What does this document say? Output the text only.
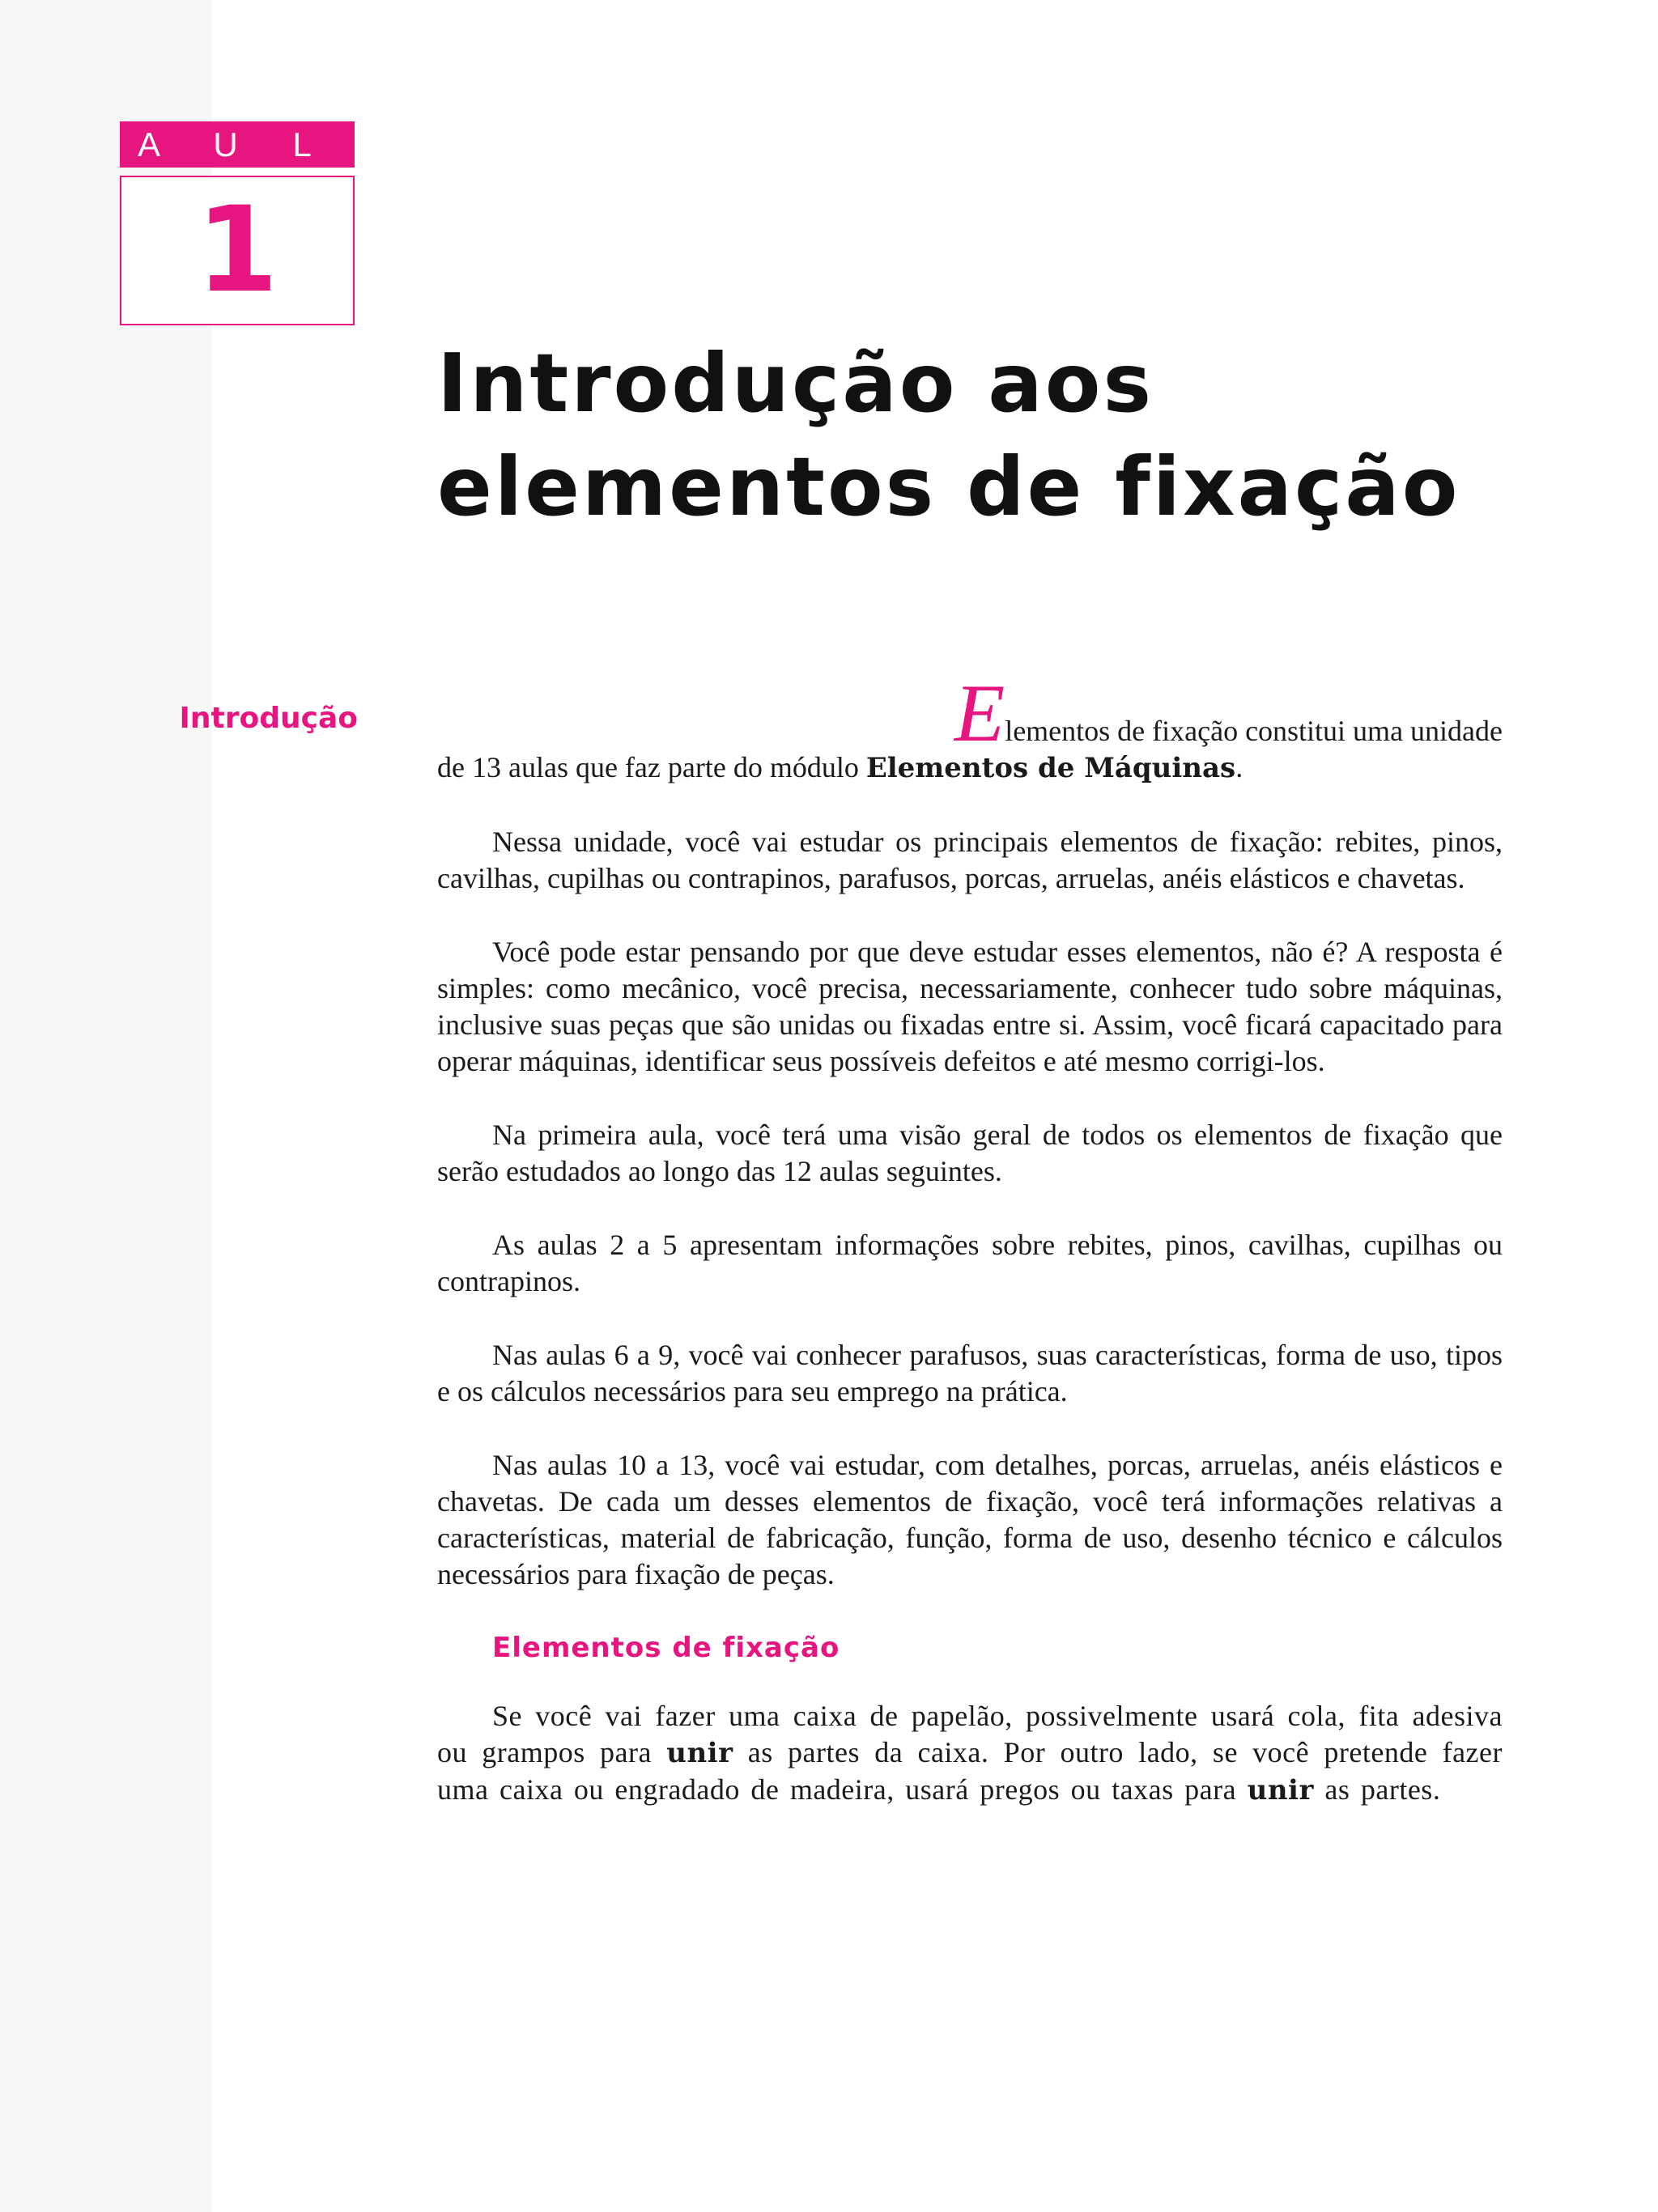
A U L A
1
Introdução aos
elementos de fixação
Introdução	Elementos de fixação constitui uma unidade
de 13 aulas que faz parte do módulo Elementos de Máquinas.

Nessa unidade, você vai estudar os principais elementos de fixação: rebites, pinos, cavilhas, cupilhas ou contrapinos, parafusos, porcas, arruelas, anéis elásticos e chavetas.

Você pode estar pensando por que deve estudar esses elementos, não é? A resposta é simples: como mecânico, você precisa, necessariamente, conhecer tudo sobre máquinas, inclusive suas peças que são unidas ou fixadas entre si. Assim, você ficará capacitado para operar máquinas, identificar seus possíveis defeitos e até mesmo corrigi-los.

Na primeira aula, você terá uma visão geral de todos os elementos de fixação que serão estudados ao longo das 12 aulas seguintes.

As aulas 2 a 5 apresentam informações sobre rebites, pinos, cavilhas, cupilhas ou contrapinos.

Nas aulas 6 a 9, você vai conhecer parafusos, suas características, forma de uso, tipos e os cálculos necessários para seu emprego na prática.

Nas aulas 10 a 13, você vai estudar, com detalhes, porcas, arruelas, anéis elásticos e chavetas. De cada um desses elementos de fixação, você terá informações relativas a características, material de fabricação, função, forma de uso, desenho técnico e cálculos necessários para fixação de peças.

Elementos de fixação

Se você vai fazer uma caixa de papelão, possivelmente usará cola, fita adesiva ou grampos para unir as partes da caixa. Por outro lado, se você pretende fazer uma caixa ou engradado de madeira, usará pregos ou taxas para unir as partes.
